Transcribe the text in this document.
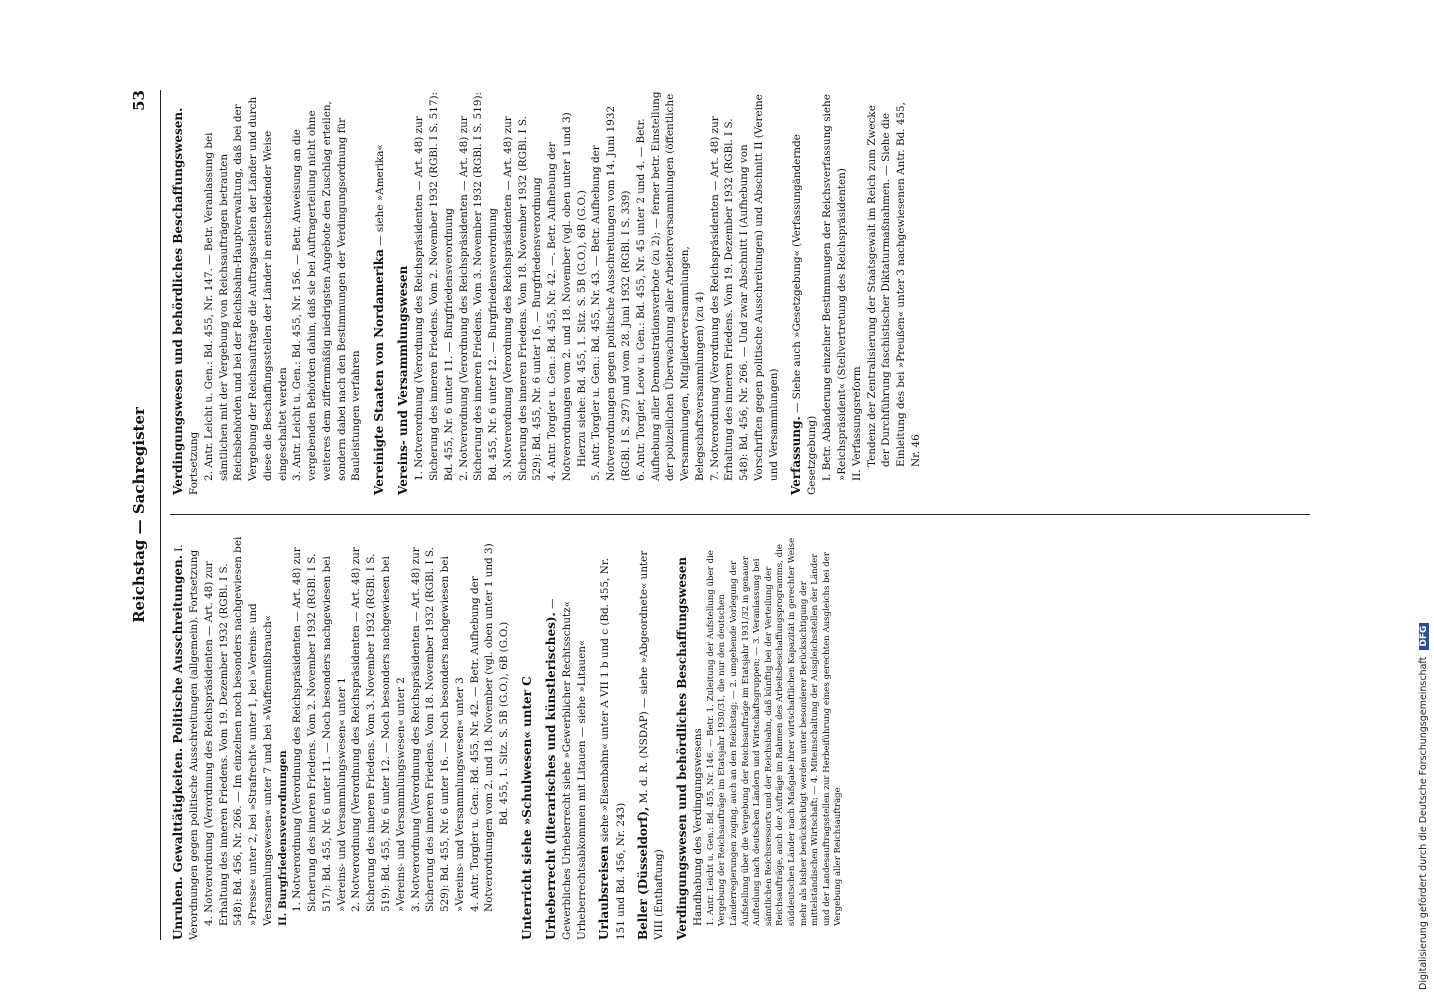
Reichstag — Sachregister
53
Unruhen. Gewalttätigkeiten. Politische Ausschreitungen. I. Verordnungen gegen politische Ausschreitungen (allgemein). Fortsetzung 4. Notverordnung (Verordnung des Reichspräsidenten — Art. 48) zur Erhaltung des inneren Friedens. Vom 19. Dezember 1932 (RGBl. I S. 548): Bd. 456, Nr. 266. — Im einzelnen noch besonders nachgewiesen bei »Presse« unter 2, bei »Strafrecht« unter 1, bei »Vereins- und Versammlungswesen« unter 7 und bei »Waffenmißbrauch« II. Burgfriedensverordnungen 1. Notverordnung (Verordnung des Reichspräsidenten — Art. 48) zur Sicherung des inneren Friedens. Vom 2. November 1932 (RGBl. I S. 517): Bd. 455, Nr. 6 unter 11. — Noch besonders nachgewiesen bei »Vereins- und Versammlungswesen« unter 1 2. Notverordnung (Verordnung des Reichspräsidenten — Art. 48) zur Sicherung des inneren Friedens. Vom 3. November 1932 (RGBl. I S. 519): Bd. 455, Nr. 6 unter 12. — Noch besonders nachgewiesen bei »Vereins- und Versammlungswesen« unter 2 3. Notverordnung (Verordnung des Reichspräsidenten — Art. 48) zur Sicherung des inneren Friedens. Vom 18. November 1932 (RGBl. I S. 529): Bd. 455, Nr. 6 unter 16. — Noch besonders nachgewiesen bei »Vereins- und Versammlungswesen« unter 3 4. Antr. Torgler u. Gen.: Bd. 455, Nr. 42. — Betr. Aufhebung der Notverordnungen vom 2. und 18. November (vgl. oben unter 1 und 3) Bd. 455, 1. Sitz. S. 5B (G.O.), 6B (G.O.) Unterricht siehe »Schulwesen« unter C Urheberrecht (literarisches und künstlerisches). — Gewerbliches Urheberrecht siehe »Gewerblicher Rechtsschutz« Urheberrechtsabkommen mit Litauen — siehe »Litauen« Urlaubsreisen siehe »Eisenbahn« unter A VII 1 b und c (Bd. 455, Nr. 151 und Bd. 456, Nr. 243) Beller (Düsseldorf), M. d. R. (NSDAP) — siehe »Abgeordnete« unter VIII (Enthaftung) Verdingungswesen und behördliches Beschaffungswesen Handhabung des Verdingungswesens 1. Antr. Leicht u. Gen.: Bd. 455, Nr. 146. — Betr. 1. Zuleitung der Aufstellung über die Vergebung der Reichsaufträge im Etatsjahr 1930/31, die nur den deutschen Länderregierungen zuging, auch an den Reichstag; — 2. umgehende Vorlegung der Aufstellung über die Vergebung der Reichsaufträge im Etatsjahr 1931/32 in genauer Aufteilung nach deutschen Ländern und Wirtschaftsgruppen; — 3. Veranlassung bei sämtlichen Reichsressorts und der Reichsbahn, daß künftig bei der Verteilung der Reichsaufträge, auch der Aufträge im Rahmen des Arbeitsbeschaffungsprogramms, die süddeutschen Länder nach Maßgabe ihrer wirtschaftlichen Kapazität in gerechter Weise mehr als bisher berücksichtigt werden unter besonderer Berücksichtigung der mittelständischen Wirtschaft; — 4. Miteinschaltung der Ausgleichsstellen der Länder und der Landesauftragsstellen zur Herbeiführung eines gerechten Ausgleichs bei der Vergebung aller Reichsaufträge

Verdingungswesen und behördliches Beschaffungswesen. Fortsetzung 2. Antr. Leicht u. Gen.: Bd. 455, Nr. 147. — Betr. Veranlassung bei sämtlichen mit der Vergebung von Reichsaufträgen betrauten Reichsbehörden und bei der Reichsbahn-Hauptverwaltung, daß bei der Vergebung der Reichsaufträge die Auftragsstellen der Länder und durch diese die Beschaffungsstellen der Länder in entscheidender Weise eingeschaltet werden 3. Antr. Leicht u. Gen.: Bd. 455, Nr. 156. — Betr. Anweisung an die vergebenden Behörden dahin, daß sie bei Auftragerteilung nicht ohne weiteres dem ziffernmäßig niedrigsten Angebote den Zuschlag erteilen, sondern dabei nach den Bestimmungen der Verdingungsordnung für Bauleistungen verfahren Vereinigte Staaten von Nordamerika — siehe »Amerika«
Vereins- und Versammlungswesen 1. Notverordnung (Verordnung des Reichspräsidenten — Art. 48) zur Sicherung des inneren Friedens. Vom 2. November 1932 (RGBl. I S. 517): Bd. 455, Nr. 6 unter 11. — Burgfriedensverordnung 2. Notverordnung (Verordnung des Reichspräsidenten — Art. 48) zur Sicherung des inneren Friedens. Vom 3. November 1932 (RGBl. I S. 519): Bd. 455, Nr. 6 unter 12. — Burgfriedensverordnung 3. Notverordnung (Verordnung des Reichspräsidenten — Art. 48) zur Sicherung des inneren Friedens. Vom 18. November 1932 (RGBl. I S. 529): Bd. 455, Nr. 6 unter 16. — Burgfriedensverordnung 4. Antr. Torgler u. Gen.: Bd. 455, Nr. 42. —. Betr. Aufhebung der Notverordnungen vom 2. und 18. November (vgl. oben unter 1 und 3) Hierzu siehe: Bd. 455, 1. Sitz. S. 5B (G.O.), 6B (G.O.) 5. Antr. Torgler u. Gen.: Bd. 455, Nr. 43. — Betr. Aufhebung der Notverordnungen gegen politische Ausschreitungen vom 14. Juni 1932 (RGBl. I S. 297) und vom 28. Juni 1932 (RGBl. I S. 339) 6. Antr. Torgler, Leow u. Gen.: Bd. 455, Nr. 45 unter 2 und 4. — Betr. Aufhebung aller Demonstrationsverbote (zu 2); — ferner betr. Einstellung der polizeilichen Überwachung aller Arbeiterversammlungen (öffentliche Versammlungen, Mitgliederversammlungen, Belegschaftsversammlungen) (zu 4) 7. Notverordnung (Verordnung des Reichspräsidenten — Art. 48) zur Erhaltung des inneren Friedens. Vom 19. Dezember 1932 (RGBl. I S. 548): Bd. 456, Nr. 266. — Und zwar Abschnitt I (Aufhebung von Vorschriften gegen politische Ausschreitungen) und Abschnitt II (Vereine und Versammlungen) Verfassung. — Siehe auch »Gesetzgebung« (Verfassungändernde Gesetzgebung) I. Betr. Abänderung einzelner Bestimmungen der Reichsverfassung siehe »Reichspräsident« (Stellvertretung des Reichspräsidenten) II. Verfassungsreform Tendenz der Zentralisierung der Staatsgewalt im Reich zum Zwecke der Durchführung faschistischer Diktaturmaßnahmen. — Siehe die Einleitung des bei »Preußen« unter 3 nachgewiesenen Antr. Bd. 455, Nr. 46

Digitalisierung gefördert durch die Deutsche Forschungsgemeinschaft DFG
